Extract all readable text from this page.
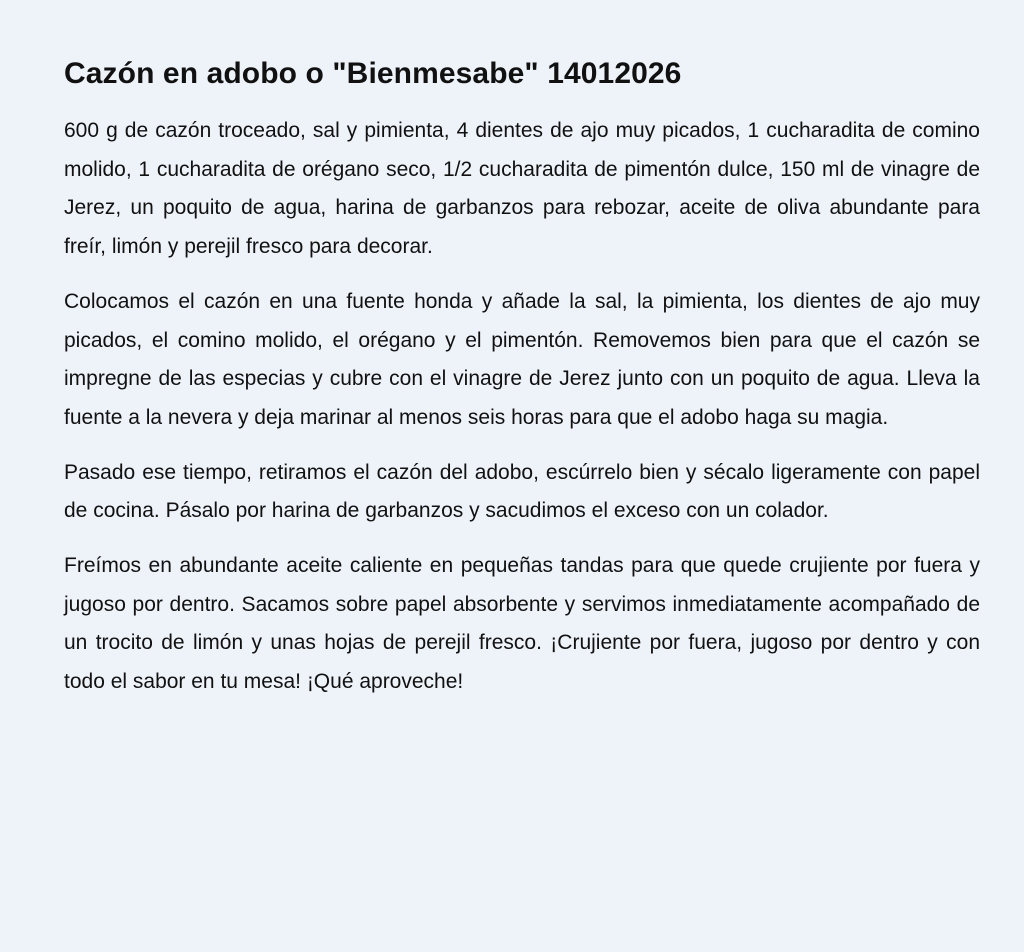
Cazón en adobo o "Bienmesabe" 14012026

600 g de cazón troceado, sal y pimienta, 4 dientes de ajo muy picados, 1 cucharadita de comino molido, 1 cucharadita de orégano seco, 1/2 cucharadita de pimentón dulce, 150 ml de vinagre de Jerez, un poquito de agua, harina de garbanzos para rebozar, aceite de oliva abundante para freír, limón y perejil fresco para decorar.

Colocamos el cazón en una fuente honda y añade la sal, la pimienta, los dientes de ajo muy picados, el comino molido, el orégano y el pimentón. Removemos bien para que el cazón se impregne de las especias y cubre con el vinagre de Jerez junto con un poquito de agua. Lleva la fuente a la nevera y deja marinar al menos seis horas para que el adobo haga su magia.

Pasado ese tiempo, retiramos el cazón del adobo, escúrrelo bien y sécalo ligeramente con papel de cocina. Pásalo por harina de garbanzos y sacudimos el exceso con un colador.

Freímos en abundante aceite caliente en pequeñas tandas para que quede crujiente por fuera y jugoso por dentro. Sacamos sobre papel absorbente y servimos inmediatamente acompañado de un trocito de limón y unas hojas de perejil fresco. ¡Crujiente por fuera, jugoso por dentro y con todo el sabor en tu mesa! ¡Qué aproveche!
